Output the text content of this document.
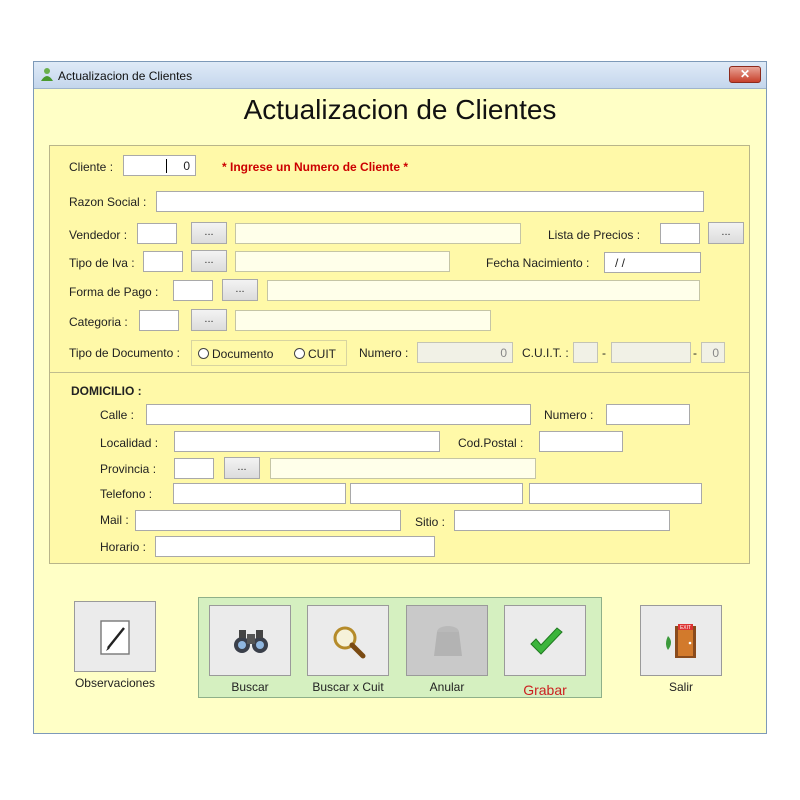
Actualizacion de Clientes	✕
Actualizacion de Clientes
Cliente :	0	* Ingrese un Numero de Cliente *
Razon Social :
Vendedor :	...	Lista de Precios :	...
Tipo de Iva :	...	Fecha Nacimiento : / /
Forma de Pago :	...
Categoria :	...
Tipo de Documento :	Documento	CUIT Numero :	0 C.U.I.T. :	-	- 0
DOMICILIO :
Calle :	Numero :
Localidad :	Cod.Postal :
Provincia :	...
Telefono :
Mail :	Sitio :
Horario :
Observaciones	Buscar	Buscar x Cuit	Anular	Grabar
EXIT
Salir
